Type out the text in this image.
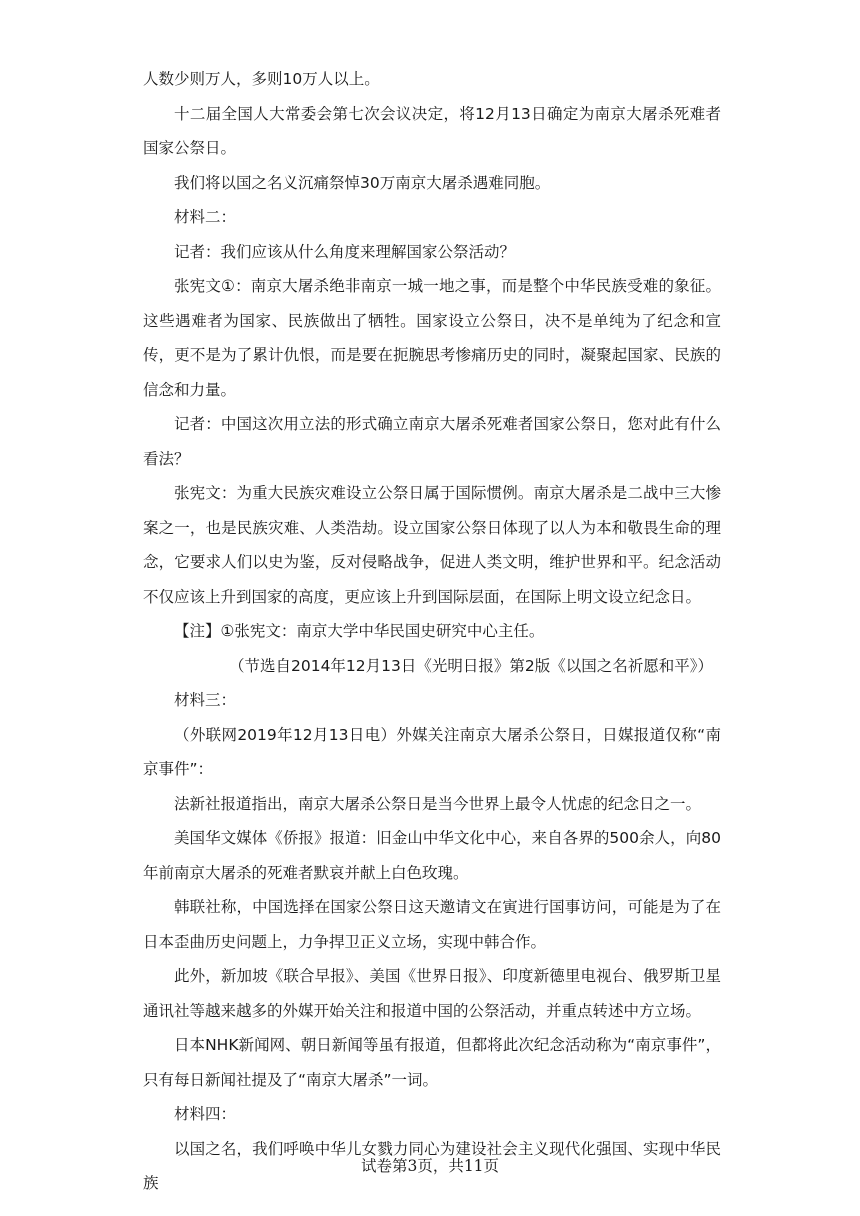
人数少则万人，多则10万人以上。

十二届全国人大常委会第七次会议决定，将12月13日确定为南京大屠杀死难者国家公祭日。

我们将以国之名义沉痛祭悼30万南京大屠杀遇难同胞。

材料二：

记者：我们应该从什么角度来理解国家公祭活动？

张宪文①：南京大屠杀绝非南京一城一地之事，而是整个中华民族受难的象征。这些遇难者为国家、民族做出了牺牲。国家设立公祭日，决不是单纯为了纪念和宣传，更不是为了累计仇恨，而是要在扼腕思考惨痛历史的同时，凝聚起国家、民族的信念和力量。

记者：中国这次用立法的形式确立南京大屠杀死难者国家公祭日，您对此有什么看法？

张宪文：为重大民族灾难设立公祭日属于国际惯例。南京大屠杀是二战中三大惨案之一，也是民族灾难、人类浩劫。设立国家公祭日体现了以人为本和敬畏生命的理念，它要求人们以史为鉴，反对侵略战争，促进人类文明，维护世界和平。纪念活动不仅应该上升到国家的高度，更应该上升到国际层面，在国际上明文设立纪念日。

【注】①张宪文：南京大学中华民国史研究中心主任。

（节选自2014年12月13日《光明日报》第2版《以国之名祈愿和平》）

材料三：

（外联网2019年12月13日电）外媒关注南京大屠杀公祭日，日媒报道仅称“南京事件”：

法新社报道指出，南京大屠杀公祭日是当今世界上最令人忧虑的纪念日之一。

美国华文媒体《侨报》报道：旧金山中华文化中心，来自各界的500余人，向80年前南京大屠杀的死难者默哀并献上白色玫瑰。

韩联社称，中国选择在国家公祭日这天邀请文在寅进行国事访问，可能是为了在日本歪曲历史问题上，力争捍卫正义立场，实现中韩合作。

此外，新加坡《联合早报》、美国《世界日报》、印度新德里电视台、俄罗斯卫星通讯社等越来越多的外媒开始关注和报道中国的公祭活动，并重点转述中方立场。

日本NHK新闻网、朝日新闻等虽有报道，但都将此次纪念活动称为“南京事件”，只有每日新闻社提及了“南京大屠杀”一词。

材料四：

以国之名，我们呼唤中华儿女戮力同心为建设社会主义现代化强国、实现中华民族

试卷第3页，共11页
